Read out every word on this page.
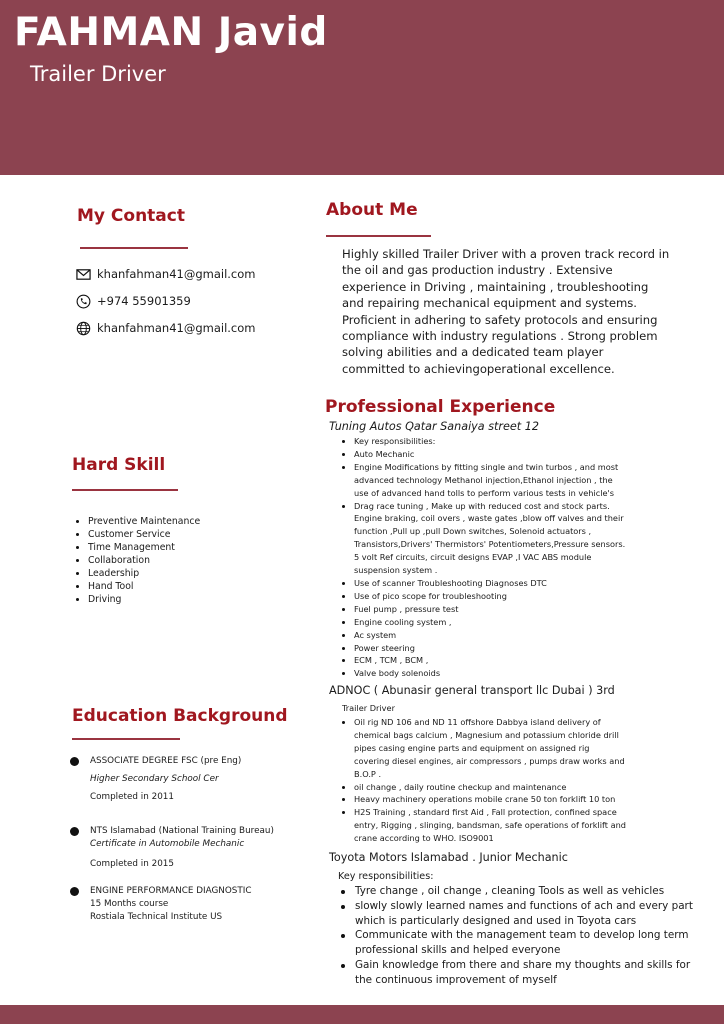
FAHMAN Javid
Trailer Driver
My Contact
khanfahman41@gmail.com
+974 55901359
khanfahman41@gmail.com
Hard Skill
Preventive Maintenance
Customer Service
Time Management
Collaboration
Leadership
Hand Tool
Driving
Education Background
ASSOCIATE DEGREE FSC (pre Eng)
Higher Secondary School Cer
Completed in 2011
NTS Islamabad (National Training Bureau)
Certificate in Automobile Mechanic
Completed in 2015
ENGINE PERFORMANCE DIAGNOSTIC
15 Months course
Rostiala Technical Institute US
About Me
Highly skilled Trailer Driver with a proven track record in
the oil and gas production industry . Extensive
experience in Driving , maintaining , troubleshooting
and repairing mechanical equipment and systems.
Proficient in adhering to safety protocols and ensuring
compliance with industry regulations . Strong problem
solving abilities and a dedicated team player
committed to achievingoperational excellence.
Professional Experience
Tuning Autos Qatar Sanaiya street 12
Key responsibilities:
Auto Mechanic
Engine Modifications by fitting single and twin turbos , and most
advanced technology Methanol injection,Ethanol injection , the
use of advanced hand tolls to perform various tests in vehicle's
Drag race tuning , Make up with reduced cost and stock parts.
Engine braking, coil overs , waste gates ,blow off valves and their
function ,Pull up ,pull Down switches, Solenoid actuators ,
Transistors,Drivers' Thermistors' Potentiometers,Pressure sensors.
5 volt Ref circuits, circuit designs EVAP ,I VAC ABS module
suspension system .
Use of scanner Troubleshooting Diagnoses DTC
Use of pico scope for troubleshooting
Fuel pump , pressure test
Engine cooling system ,
Ac system
Power steering
ECM , TCM , BCM ,
Valve body solenoids
ADNOC ( Abunasir general transport llc Dubai ) 3rd
Trailer Driver
Oil rig ND 106 and ND 11 offshore Dabbya island delivery of
chemical bags calcium , Magnesium and potassium chloride drill
pipes casing engine parts and equipment on assigned rig
covering diesel engines, air compressors , pumps draw works and
B.O.P .
oil change , daily routine checkup and maintenance
Heavy machinery operations mobile crane 50 ton forklift 10 ton
H2S Training , standard first Aid , Fall protection, confined space
entry, Rigging , slinging, bandsman, safe operations of forklift and
crane according to WHO. ISO9001
Toyota Motors Islamabad . Junior Mechanic
Key responsibilities:
Tyre change , oil change , cleaning Tools as well as vehicles
slowly slowly learned names and functions of ach and every part
which is particularly designed and used in Toyota cars
Communicate with the management team to develop long term
professional skills and helped everyone
Gain knowledge from there and share my thoughts and skills for
the continuous improvement of myself
